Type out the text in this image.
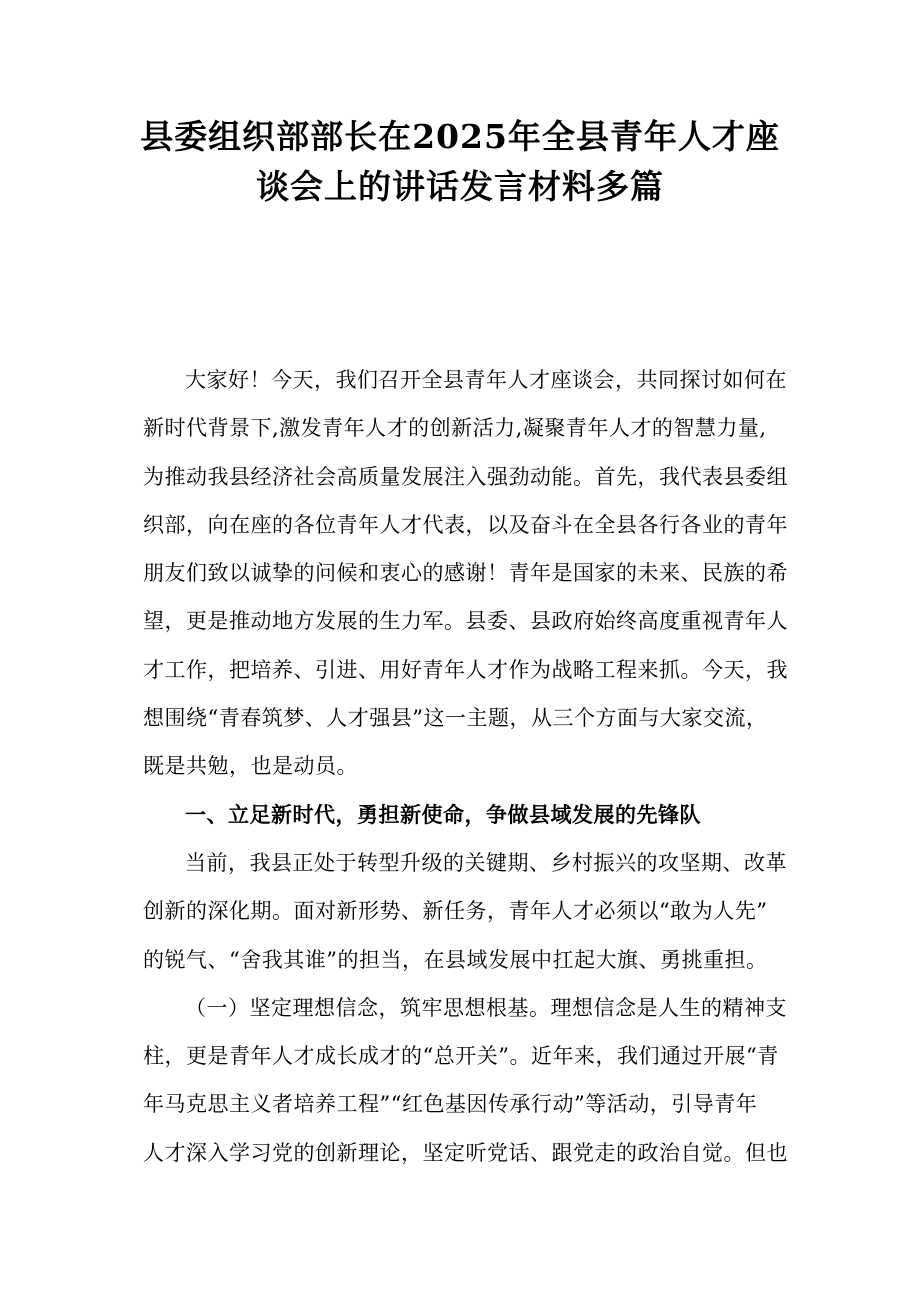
县委组织部部长在2025年全县青年人才座
谈会上的讲话发言材料多篇
大家好！今天，我们召开全县青年人才座谈会，共同探讨如何在
新时代背景下,激发青年人才的创新活力,凝聚青年人才的智慧力量,
为推动我县经济社会高质量发展注入强劲动能。首先，我代表县委组
织部，向在座的各位青年人才代表，以及奋斗在全县各行各业的青年
朋友们致以诚挚的问候和衷心的感谢！青年是国家的未来、民族的希
望，更是推动地方发展的生力军。县委、县政府始终高度重视青年人
才工作，把培养、引进、用好青年人才作为战略工程来抓。今天，我
想围绕“青春筑梦、人才强县”这一主题，从三个方面与大家交流，
既是共勉，也是动员。
一、立足新时代，勇担新使命，争做县域发展的先锋队
当前，我县正处于转型升级的关键期、乡村振兴的攻坚期、改革
创新的深化期。面对新形势、新任务，青年人才必须以“敢为人先”
的锐气、“舍我其谁”的担当，在县域发展中扛起大旗、勇挑重担。
（一）坚定理想信念，筑牢思想根基。理想信念是人生的精神支
柱，更是青年人才成长成才的“总开关”。近年来，我们通过开展“青
年马克思主义者培养工程”“红色基因传承行动”等活动，引导青年
人才深入学习党的创新理论，坚定听党话、跟党走的政治自觉。但也
